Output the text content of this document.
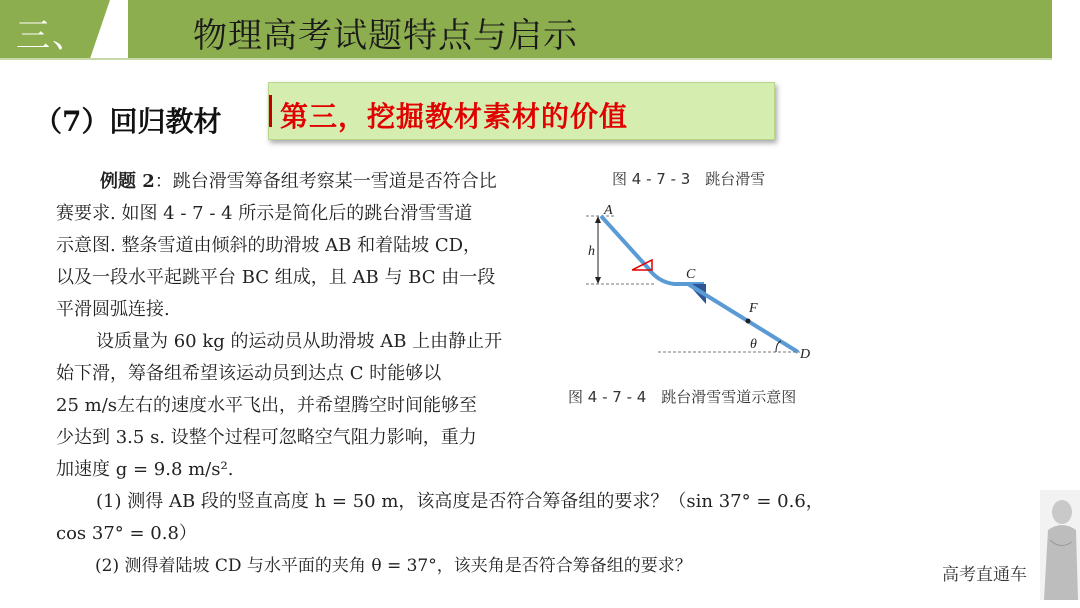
三、	物理高考试题特点与启示
（7）回归教材 第三，挖掘教材素材的价值
例题 2：跳台滑雪筹备组考察某一雪道是否符合比
赛要求. 如图 4 - 7 - 4 所示是简化后的跳台滑雪雪道
示意图. 整条雪道由倾斜的助滑坡 AB 和着陆坡 CD，
以及一段水平起跳平台 BC 组成，且 AB 与 BC 由一段
平滑圆弧连接.
　设质量为 60 kg 的运动员从助滑坡 AB 上由静止开
始下滑，筹备组希望该运动员到达点 C 时能够以
25 m/s左右的速度水平飞出，并希望腾空时间能够至
少达到 3.5 s. 设整个过程可忽略空气阻力影响，重力
加速度 g = 9.8 m/s².
　(1) 测得 AB 段的竖直高度 h = 50 m，该高度是否符合筹备组的要求？（sin 37° = 0.6，
cos 37° = 0.8）
　(2) 测得着陆坡 CD 与水平面的夹角 θ = 37°，该夹角是否符合筹备组的要求？
图 4 - 7 - 3　跳台滑雪
A
h
C
F
θ
D
图 4 - 7 - 4　跳台滑雪雪道示意图
高考直通车
